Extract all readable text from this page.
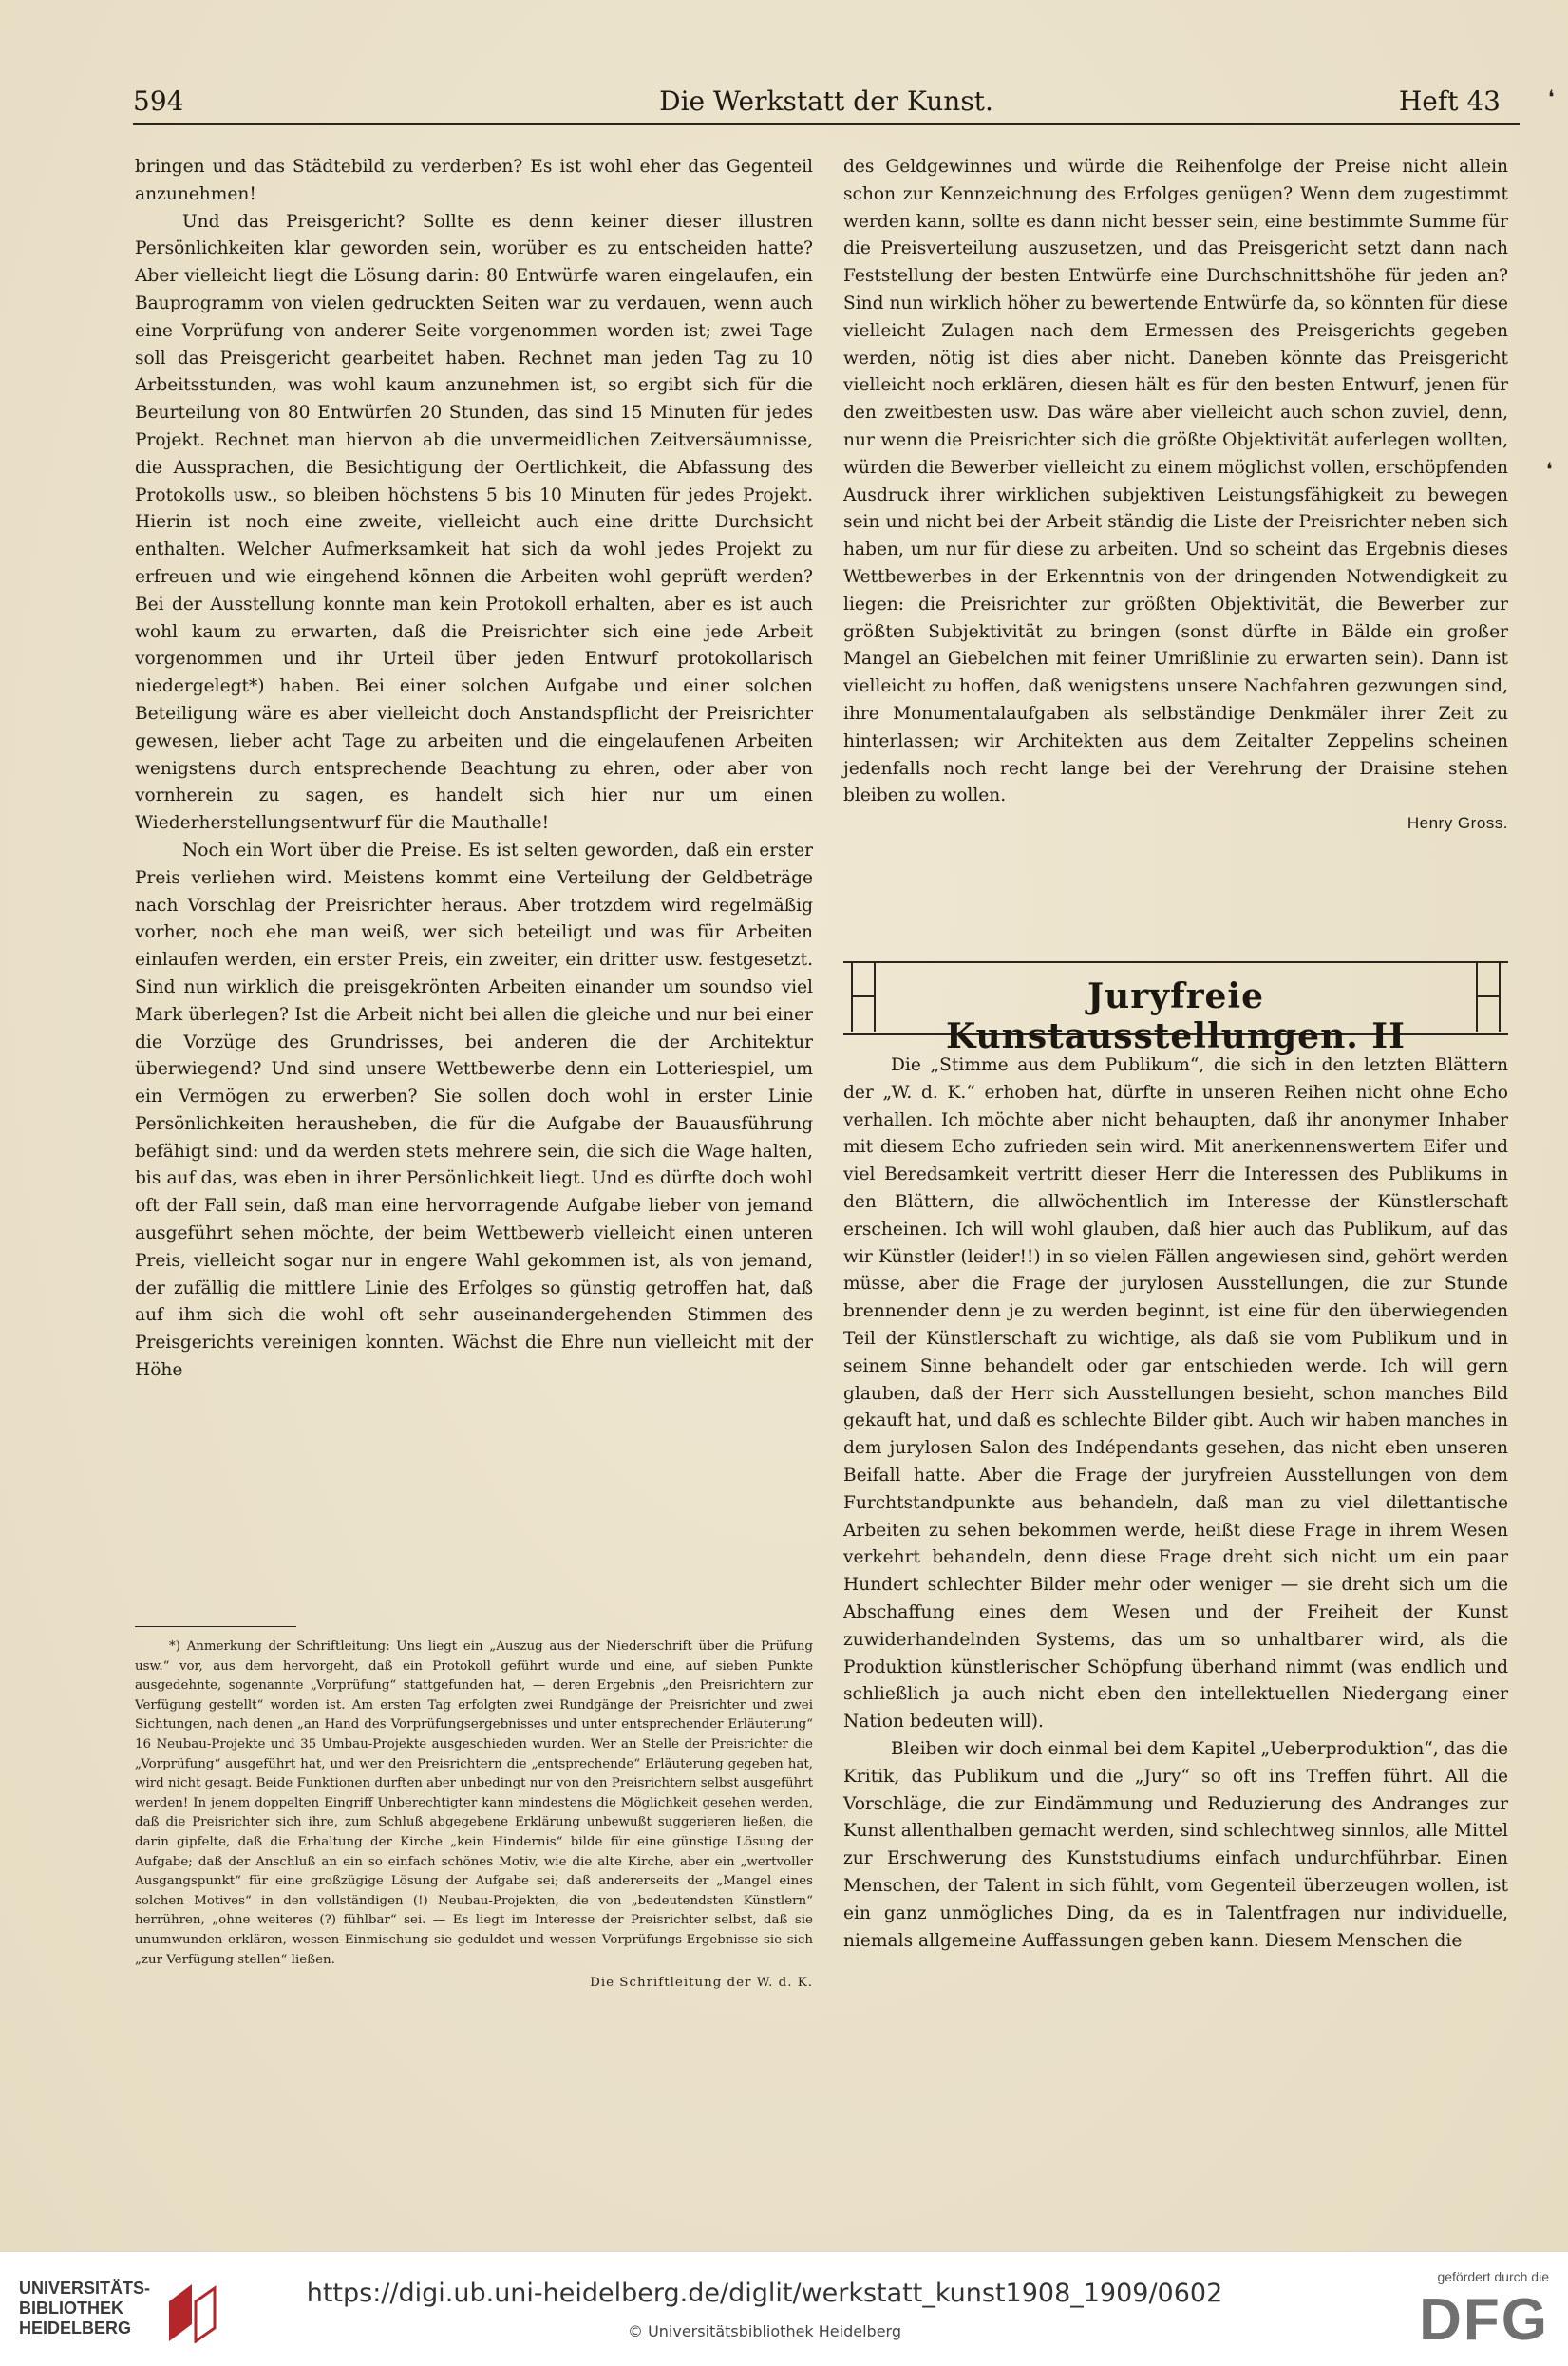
594	Die Werkstatt der Kunst.	Heft 43	❛
❛

bringen und das Städtebild zu verderben? Es ist wohl eher das Gegenteil anzunehmen!

Und das Preisgericht? Sollte es denn keiner dieser illustren Persönlichkeiten klar geworden sein, worüber es zu entscheiden hatte? Aber vielleicht liegt die Lösung darin: 80 Entwürfe waren eingelaufen, ein Bauprogramm von vielen gedruckten Seiten war zu verdauen, wenn auch eine Vorprüfung von anderer Seite vorgenommen worden ist; zwei Tage soll das Preisgericht gearbeitet haben. Rechnet man jeden Tag zu 10 Arbeitsstunden, was wohl kaum anzunehmen ist, so ergibt sich für die Beurteilung von 80 Entwürfen 20 Stunden, das sind 15 Minuten für jedes Projekt. Rechnet man hiervon ab die unvermeidlichen Zeitversäumnisse, die Aussprachen, die Besichtigung der Oertlichkeit, die Abfassung des Protokolls usw., so bleiben höchstens 5 bis 10 Minuten für jedes Projekt. Hierin ist noch eine zweite, vielleicht auch eine dritte Durchsicht enthalten. Welcher Aufmerksamkeit hat sich da wohl jedes Projekt zu erfreuen und wie eingehend können die Arbeiten wohl geprüft werden? Bei der Ausstellung konnte man kein Protokoll erhalten, aber es ist auch wohl kaum zu erwarten, daß die Preisrichter sich eine jede Arbeit vorgenommen und ihr Urteil über jeden Entwurf protokollarisch niedergelegt*) haben. Bei einer solchen Aufgabe und einer solchen Beteiligung wäre es aber vielleicht doch Anstandspflicht der Preisrichter gewesen, lieber acht Tage zu arbeiten und die eingelaufenen Arbeiten wenigstens durch entsprechende Beachtung zu ehren, oder aber von vornherein zu sagen, es handelt sich hier nur um einen Wiederherstellungsentwurf für die Mauthalle!

Noch ein Wort über die Preise. Es ist selten geworden, daß ein erster Preis verliehen wird. Meistens kommt eine Verteilung der Geldbeträge nach Vorschlag der Preisrichter heraus. Aber trotzdem wird regelmäßig vorher, noch ehe man weiß, wer sich beteiligt und was für Arbeiten einlaufen werden, ein erster Preis, ein zweiter, ein dritter usw. festgesetzt. Sind nun wirklich die preisgekrönten Arbeiten einander um soundso viel Mark überlegen? Ist die Arbeit nicht bei allen die gleiche und nur bei einer die Vorzüge des Grundrisses, bei anderen die der Architektur überwiegend? Und sind unsere Wettbewerbe denn ein Lotteriespiel, um ein Vermögen zu erwerben? Sie sollen doch wohl in erster Linie Persönlichkeiten herausheben, die für die Aufgabe der Bauausführung befähigt sind: und da werden stets mehrere sein, die sich die Wage halten, bis auf das, was eben in ihrer Persönlichkeit liegt. Und es dürfte doch wohl oft der Fall sein, daß man eine hervorragende Aufgabe lieber von jemand ausgeführt sehen möchte, der beim Wettbewerb vielleicht einen unteren Preis, vielleicht sogar nur in engere Wahl gekommen ist, als von jemand, der zufällig die mittlere Linie des Erfolges so günstig getroffen hat, daß auf ihm sich die wohl oft sehr auseinandergehenden Stimmen des Preisgerichts vereinigen konnten. Wächst die Ehre nun vielleicht mit der Höhe

*) Anmerkung der Schriftleitung: Uns liegt ein „Auszug aus der Niederschrift über die Prüfung usw.“ vor, aus dem hervorgeht, daß ein Protokoll geführt wurde und eine, auf sieben Punkte ausgedehnte, sogenannte „Vorprüfung“ stattgefunden hat, — deren Ergebnis „den Preisrichtern zur Verfügung gestellt“ worden ist. Am ersten Tag erfolgten zwei Rundgänge der Preisrichter und zwei Sichtungen, nach denen „an Hand des Vorprüfungsergebnisses und unter entsprechender Erläuterung“ 16 Neubau-Projekte und 35 Umbau-Projekte ausgeschieden wurden. Wer an Stelle der Preisrichter die „Vorprüfung“ ausgeführt hat, und wer den Preisrichtern die „entsprechende“ Erläuterung gegeben hat, wird nicht gesagt. Beide Funktionen durften aber unbedingt nur von den Preisrichtern selbst ausgeführt werden! In jenem doppelten Eingriff Unberechtigter kann mindestens die Möglichkeit gesehen werden, daß die Preisrichter sich ihre, zum Schluß abgegebene Erklärung unbewußt suggerieren ließen, die darin gipfelte, daß die Erhaltung der Kirche „kein Hindernis“ bilde für eine günstige Lösung der Aufgabe; daß der Anschluß an ein so einfach schönes Motiv, wie die alte Kirche, aber ein „wertvoller Ausgangspunkt“ für eine großzügige Lösung der Aufgabe sei; daß andererseits der „Mangel eines solchen Motives“ in den vollständigen (!) Neubau-Projekten, die von „bedeutendsten Künstlern“ herrühren, „ohne weiteres (?) fühlbar“ sei. — Es liegt im Interesse der Preisrichter selbst, daß sie unumwunden erklären, wessen Einmischung sie geduldet und wessen Vorprüfungs-Ergebnisse sie sich „zur Verfügung stellen“ ließen.

Die Schriftleitung der W. d. K.

des Geldgewinnes und würde die Reihenfolge der Preise nicht allein schon zur Kennzeichnung des Erfolges genügen? Wenn dem zugestimmt werden kann, sollte es dann nicht besser sein, eine bestimmte Summe für die Preisverteilung auszusetzen, und das Preisgericht setzt dann nach Feststellung der besten Entwürfe eine Durchschnittshöhe für jeden an? Sind nun wirklich höher zu bewertende Entwürfe da, so könnten für diese vielleicht Zulagen nach dem Ermessen des Preisgerichts gegeben werden, nötig ist dies aber nicht. Daneben könnte das Preisgericht vielleicht noch erklären, diesen hält es für den besten Entwurf, jenen für den zweitbesten usw. Das wäre aber vielleicht auch schon zuviel, denn, nur wenn die Preisrichter sich die größte Objektivität auferlegen wollten, würden die Bewerber vielleicht zu einem möglichst vollen, erschöpfenden Ausdruck ihrer wirklichen subjektiven Leistungsfähigkeit zu bewegen sein und nicht bei der Arbeit ständig die Liste der Preisrichter neben sich haben, um nur für diese zu arbeiten. Und so scheint das Ergebnis dieses Wettbewerbes in der Erkenntnis von der dringenden Notwendigkeit zu liegen: die Preisrichter zur größten Objektivität, die Bewerber zur größten Subjektivität zu bringen (sonst dürfte in Bälde ein großer Mangel an Giebelchen mit feiner Umrißlinie zu erwarten sein). Dann ist vielleicht zu hoffen, daß wenigstens unsere Nachfahren gezwungen sind, ihre Monumentalaufgaben als selbständige Denkmäler ihrer Zeit zu hinterlassen; wir Architekten aus dem Zeitalter Zeppelins scheinen jedenfalls noch recht lange bei der Verehrung der Draisine stehen bleiben zu wollen.

Henry Gross.
Juryfreie Kunstausstellungen. II

Die „Stimme aus dem Publikum“, die sich in den letzten Blättern der „W. d. K.“ erhoben hat, dürfte in unseren Reihen nicht ohne Echo verhallen. Ich möchte aber nicht behaupten, daß ihr anonymer Inhaber mit diesem Echo zufrieden sein wird. Mit anerkennenswertem Eifer und viel Beredsamkeit vertritt dieser Herr die Interessen des Publikums in den Blättern, die allwöchentlich im Interesse der Künstlerschaft erscheinen. Ich will wohl glauben, daß hier auch das Publikum, auf das wir Künstler (leider!!) in so vielen Fällen angewiesen sind, gehört werden müsse, aber die Frage der jurylosen Ausstellungen, die zur Stunde brennender denn je zu werden beginnt, ist eine für den überwiegenden Teil der Künstlerschaft zu wichtige, als daß sie vom Publikum und in seinem Sinne behandelt oder gar entschieden werde. Ich will gern glauben, daß der Herr sich Ausstellungen besieht, schon manches Bild gekauft hat, und daß es schlechte Bilder gibt. Auch wir haben manches in dem jurylosen Salon des Indépendants gesehen, das nicht eben unseren Beifall hatte. Aber die Frage der juryfreien Ausstellungen von dem Furchtstandpunkte aus behandeln, daß man zu viel dilettantische Arbeiten zu sehen bekommen werde, heißt diese Frage in ihrem Wesen verkehrt behandeln, denn diese Frage dreht sich nicht um ein paar Hundert schlechter Bilder mehr oder weniger — sie dreht sich um die Abschaffung eines dem Wesen und der Freiheit der Kunst zuwiderhandelnden Systems, das um so unhaltbarer wird, als die Produktion künstlerischer Schöpfung überhand nimmt (was endlich und schließlich ja auch nicht eben den intellektuellen Niedergang einer Nation bedeuten will).

Bleiben wir doch einmal bei dem Kapitel „Ueberproduktion“, das die Kritik, das Publikum und die „Jury“ so oft ins Treffen führt. All die Vorschläge, die zur Eindämmung und Reduzierung des Andranges zur Kunst allenthalben gemacht werden, sind schlechtweg sinnlos, alle Mittel zur Erschwerung des Kunststudiums einfach undurchführbar. Einen Menschen, der Talent in sich fühlt, vom Gegenteil überzeugen wollen, ist ein ganz unmögliches Ding, da es in Talentfragen nur individuelle, niemals allgemeine Auffassungen geben kann. Diesem Menschen die

UNIVERSITÄTS-
BIBLIOTHEK
HEIDELBERG
https://digi.ub.uni-heidelberg.de/diglit/werkstatt_kunst1908_1909/0602
© Universitätsbibliothek Heidelberg
gefördert durch die
DFG
